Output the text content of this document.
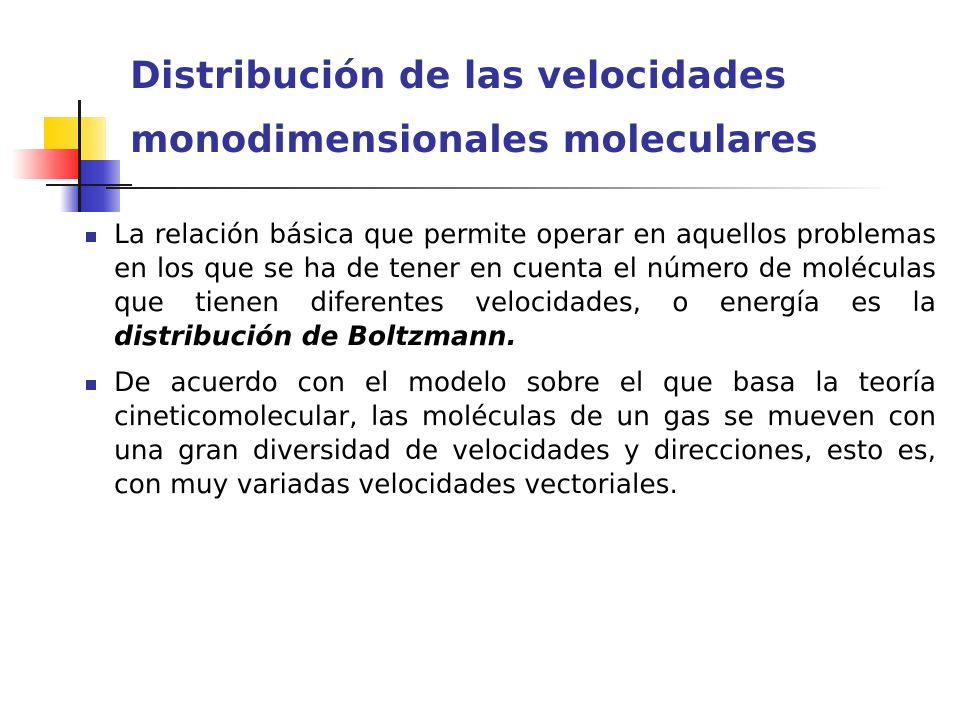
Distribución de las velocidades
monodimensionales moleculares

La relación básica que permite operar en aquellos problemas en los que se ha de tener en cuenta el número de moléculas que tienen diferentes velocidades, o energía es la distribución de Boltzmann.

De acuerdo con el modelo sobre el que basa la teoría cineticomolecular, las moléculas de un gas se mueven con una gran diversidad de velocidades y direcciones, esto es, con muy variadas velocidades vectoriales.
